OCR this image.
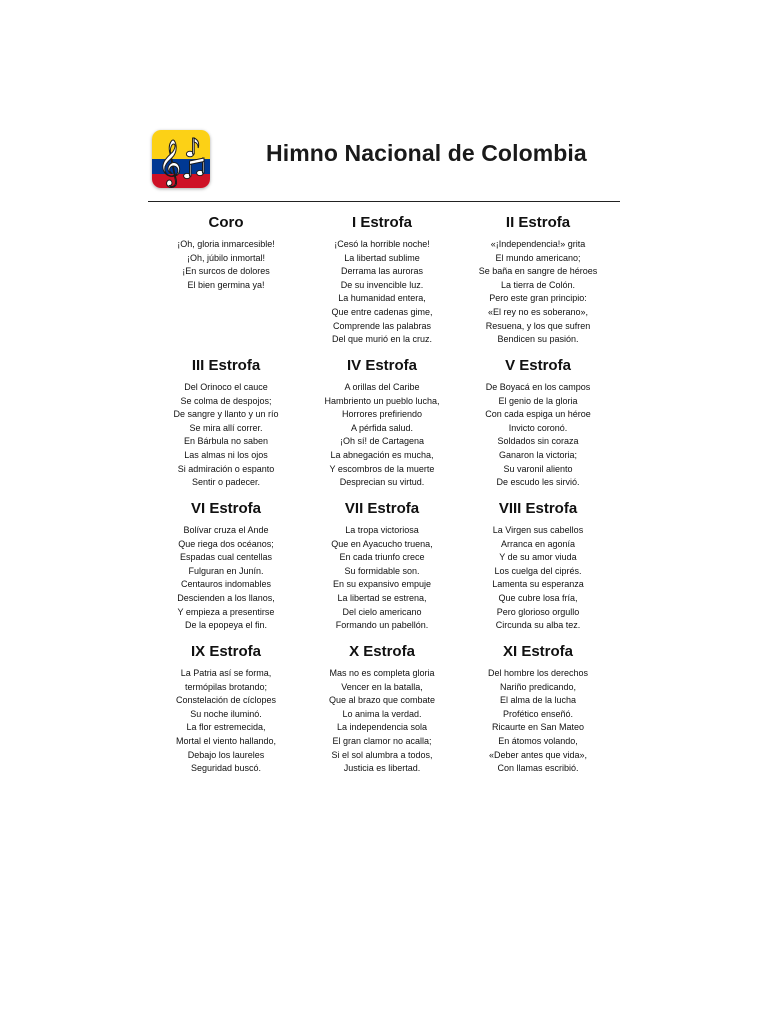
𝄞	Himno Nacional de Colombia
Coro
¡Oh, gloria inmarcesible!
¡Oh, júbilo inmortal!
¡En surcos de dolores
El bien germina ya!
I Estrofa
¡Cesó la horrible noche!
La libertad sublime
Derrama las auroras
De su invencible luz.
La humanidad entera,
Que entre cadenas gime,
Comprende las palabras
Del que murió en la cruz.
II Estrofa
«¡Independencia!» grita
El mundo americano;
Se baña en sangre de héroes
La tierra de Colón.
Pero este gran principio:
«El rey no es soberano»,
Resuena, y los que sufren
Bendicen su pasión.
III Estrofa
Del Orinoco el cauce
Se colma de despojos;
De sangre y llanto y un río
Se mira allí correr.
En Bárbula no saben
Las almas ni los ojos
Si admiración o espanto
Sentir o padecer.
IV Estrofa
A orillas del Caribe
Hambriento un pueblo lucha,
Horrores prefiriendo
A pérfida salud.
¡Oh sí! de Cartagena
La abnegación es mucha,
Y escombros de la muerte
Desprecian su virtud.
V Estrofa
De Boyacá en los campos
El genio de la gloria
Con cada espiga un héroe
Invicto coronó.
Soldados sin coraza
Ganaron la victoria;
Su varonil aliento
De escudo les sirvió.
VI Estrofa
Bolívar cruza el Ande
Que riega dos océanos;
Espadas cual centellas
Fulguran en Junín.
Centauros indomables
Descienden a los llanos,
Y empieza a presentirse
De la epopeya el fin.
VII Estrofa
La tropa victoriosa
Que en Ayacucho truena,
En cada triunfo crece
Su formidable son.
En su expansivo empuje
La libertad se estrena,
Del cielo americano
Formando un pabellón.
VIII Estrofa
La Virgen sus cabellos
Arranca en agonía
Y de su amor viuda
Los cuelga del ciprés.
Lamenta su esperanza
Que cubre losa fría,
Pero glorioso orgullo
Circunda su alba tez.
IX Estrofa
La Patria así se forma,
termópilas brotando;
Constelación de cíclopes
Su noche iluminó.
La flor estremecida,
Mortal el viento hallando,
Debajo los laureles
Seguridad buscó.
X Estrofa
Mas no es completa gloria
Vencer en la batalla,
Que al brazo que combate
Lo anima la verdad.
La independencia sola
El gran clamor no acalla;
Si el sol alumbra a todos,
Justicia es libertad.
XI Estrofa
Del hombre los derechos
Nariño predicando,
El alma de la lucha
Profético enseñó.
Ricaurte en San Mateo
En átomos volando,
«Deber antes que vida»,
Con llamas escribió.
